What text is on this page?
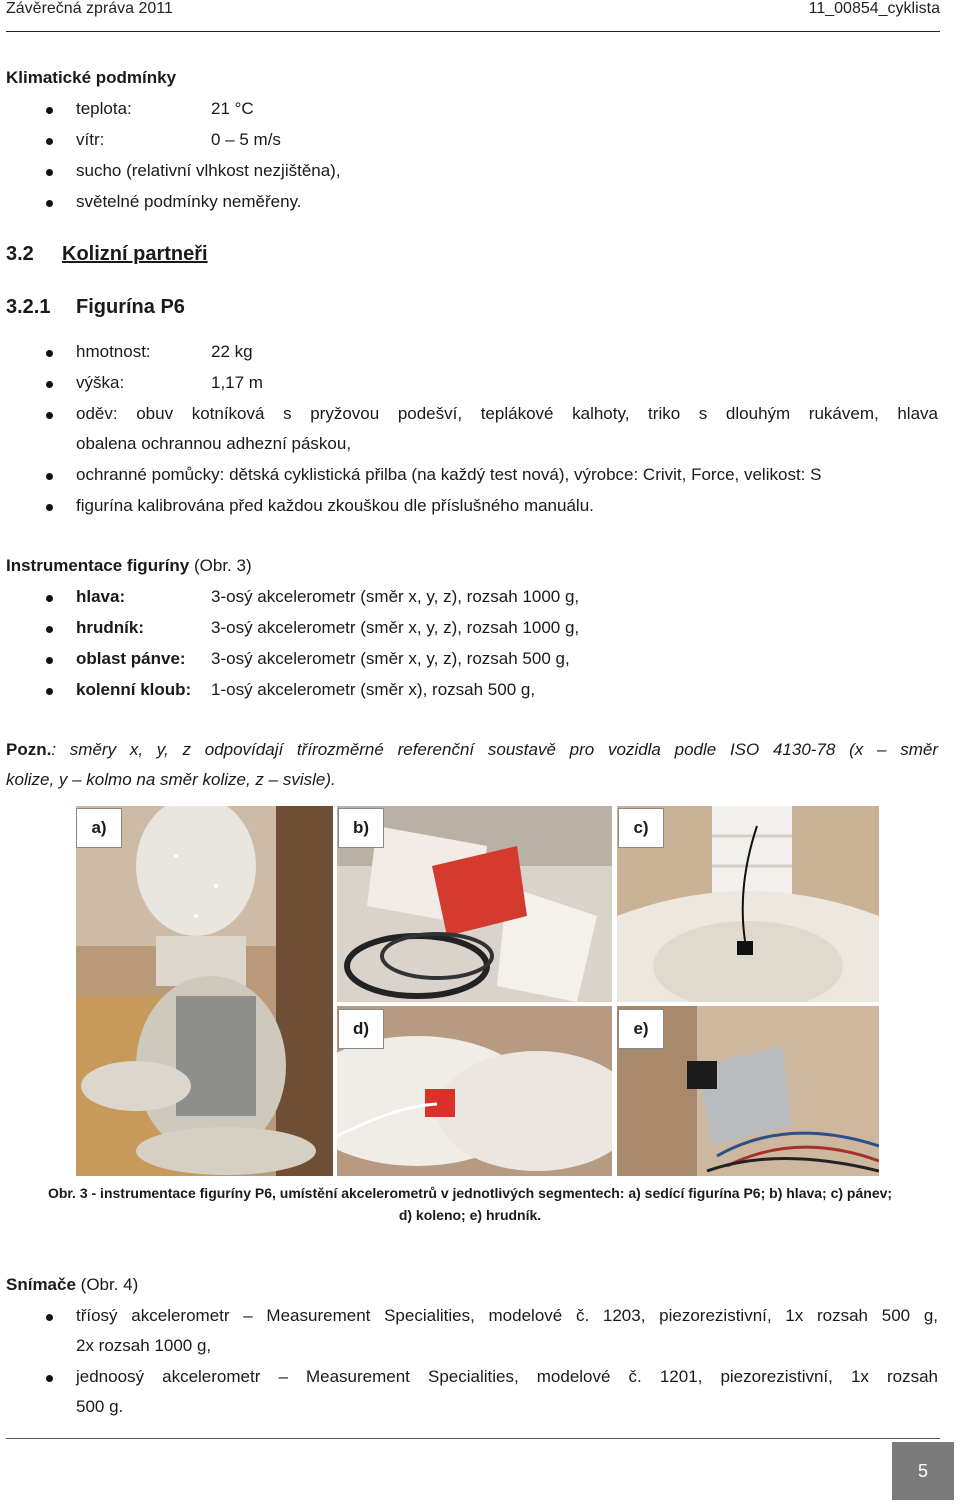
Závěrečná zpráva 2011	11_00854_cyklista
Klimatické podmínky
teplota:	21 °C
vítr:	0 – 5 m/s
sucho (relativní vlhkost nezjištěna),
světelné podmínky neměřeny.
3.2 Kolizní partneři
3.2.1 Figurína P6
hmotnost:	22 kg
výška:	1,17 m
oděv: obuv kotníková s pryžovou podešví, teplákové kalhoty, triko s dlouhým rukávem, hlava
obalena ochrannou adhezní páskou,
ochranné pomůcky: dětská cyklistická přilba (na každý test nová), výrobce: Crivit, Force, velikost: S
figurína kalibrována před každou zkouškou dle příslušného manuálu.
Instrumentace figuríny (Obr. 3)
hlava:	3-osý akcelerometr (směr x, y, z), rozsah 1000 g,
hrudník:	3-osý akcelerometr (směr x, y, z), rozsah 1000 g,
oblast pánve: 3-osý akcelerometr (směr x, y, z), rozsah 500 g,
kolenní kloub: 1-osý akcelerometr (směr x), rozsah 500 g,
Pozn.: směry x, y, z odpovídají třírozměrné referenční soustavě pro vozidla podle ISO 4130-78 (x – směr
kolize, y – kolmo na směr kolize, z – svisle).
a)	b)	c)
d)	e)
Obr. 3 - instrumentace figuríny P6, umístění akcelerometrů v jednotlivých segmentech: a) sedící figurína P6; b) hlava; c) pánev;
d) koleno; e) hrudník.
Snímače (Obr. 4)
tříosý akcelerometr – Measurement Specialities, modelové č. 1203, piezorezistivní, 1x rozsah 500 g,
2x rozsah 1000 g,
jednoosý akcelerometr – Measurement Specialities, modelové č. 1201, piezorezistivní, 1x rozsah
500 g.
5
